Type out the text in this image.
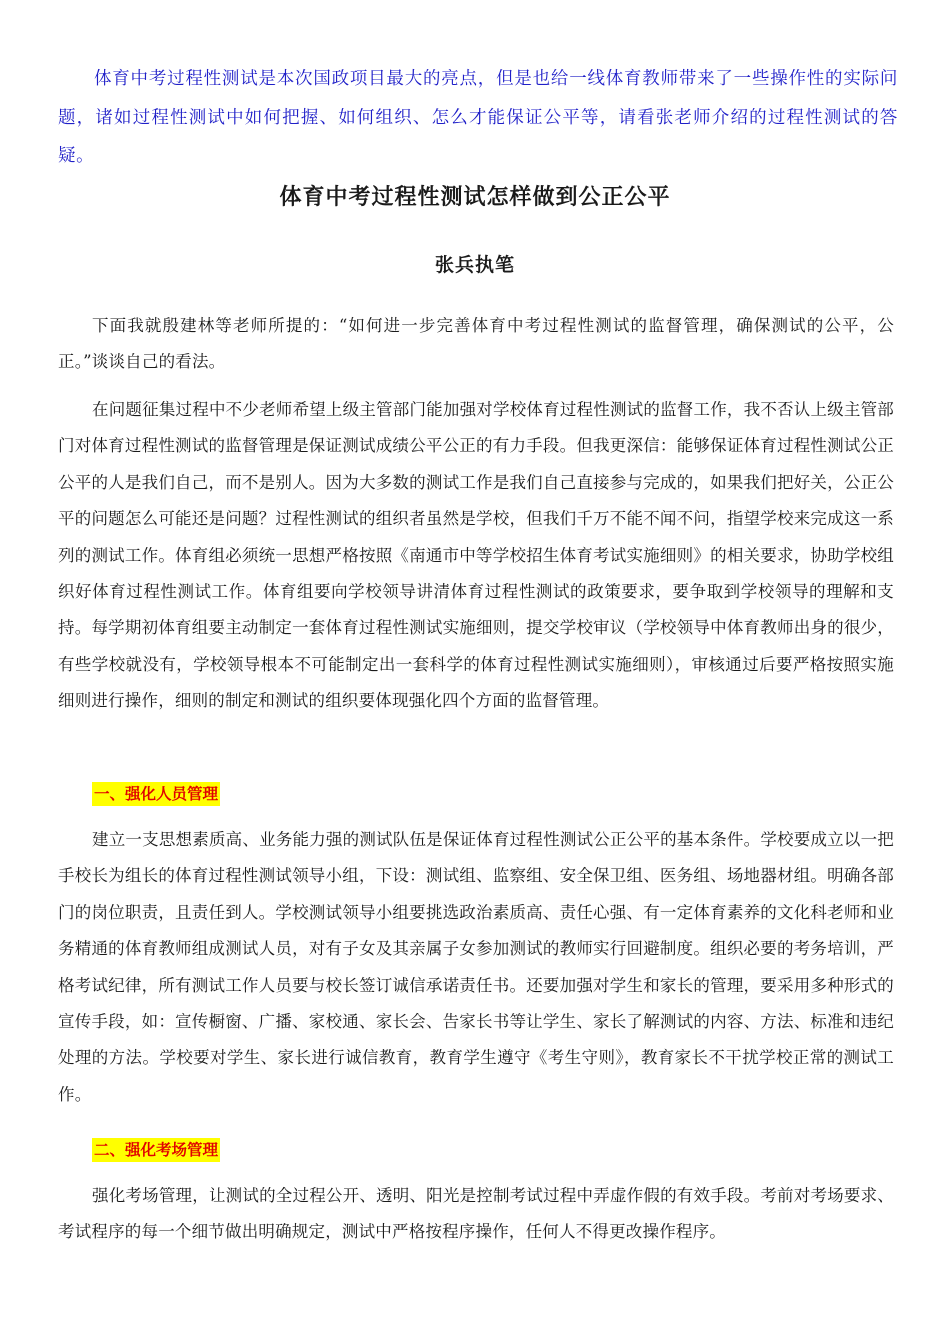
体育中考过程性测试是本次国政项目最大的亮点，但是也给一线体育教师带来了一些操作性的实际问题，诸如过程性测试中如何把握、如何组织、怎么才能保证公平等，请看张老师介绍的过程性测试的答疑。

体育中考过程性测试怎样做到公正公平
张兵执笔

下面我就殷建林等老师所提的：“如何进一步完善体育中考过程性测试的监督管理，确保测试的公平，公正。”谈谈自己的看法。

在问题征集过程中不少老师希望上级主管部门能加强对学校体育过程性测试的监督工作，我不否认上级主管部门对体育过程性测试的监督管理是保证测试成绩公平公正的有力手段。但我更深信：能够保证体育过程性测试公正公平的人是我们自己，而不是别人。因为大多数的测试工作是我们自己直接参与完成的，如果我们把好关，公正公平的问题怎么可能还是问题？过程性测试的组织者虽然是学校，但我们千万不能不闻不问，指望学校来完成这一系列的测试工作。体育组必须统一思想严格按照《南通市中等学校招生体育考试实施细则》的相关要求，协助学校组织好体育过程性测试工作。体育组要向学校领导讲清体育过程性测试的政策要求，要争取到学校领导的理解和支持。每学期初体育组要主动制定一套体育过程性测试实施细则，提交学校审议（学校领导中体育教师出身的很少，有些学校就没有，学校领导根本不可能制定出一套科学的体育过程性测试实施细则），审核通过后要严格按照实施细则进行操作，细则的制定和测试的组织要体现强化四个方面的监督管理。

一、强化人员管理

建立一支思想素质高、业务能力强的测试队伍是保证体育过程性测试公正公平的基本条件。学校要成立以一把手校长为组长的体育过程性测试领导小组，下设：测试组、监察组、安全保卫组、医务组、场地器材组。明确各部门的岗位职责，且责任到人。学校测试领导小组要挑选政治素质高、责任心强、有一定体育素养的文化科老师和业务精通的体育教师组成测试人员，对有子女及其亲属子女参加测试的教师实行回避制度。组织必要的考务培训，严格考试纪律，所有测试工作人员要与校长签订诚信承诺责任书。还要加强对学生和家长的管理，要采用多种形式的宣传手段，如：宣传橱窗、广播、家校通、家长会、告家长书等让学生、家长了解测试的内容、方法、标准和违纪处理的方法。学校要对学生、家长进行诚信教育，教育学生遵守《考生守则》，教育家长不干扰学校正常的测试工作。

二、强化考场管理

强化考场管理，让测试的全过程公开、透明、阳光是控制考试过程中弄虚作假的有效手段。考前对考场要求、考试程序的每一个细节做出明确规定，测试中严格按程序操作，任何人不得更改操作程序。
